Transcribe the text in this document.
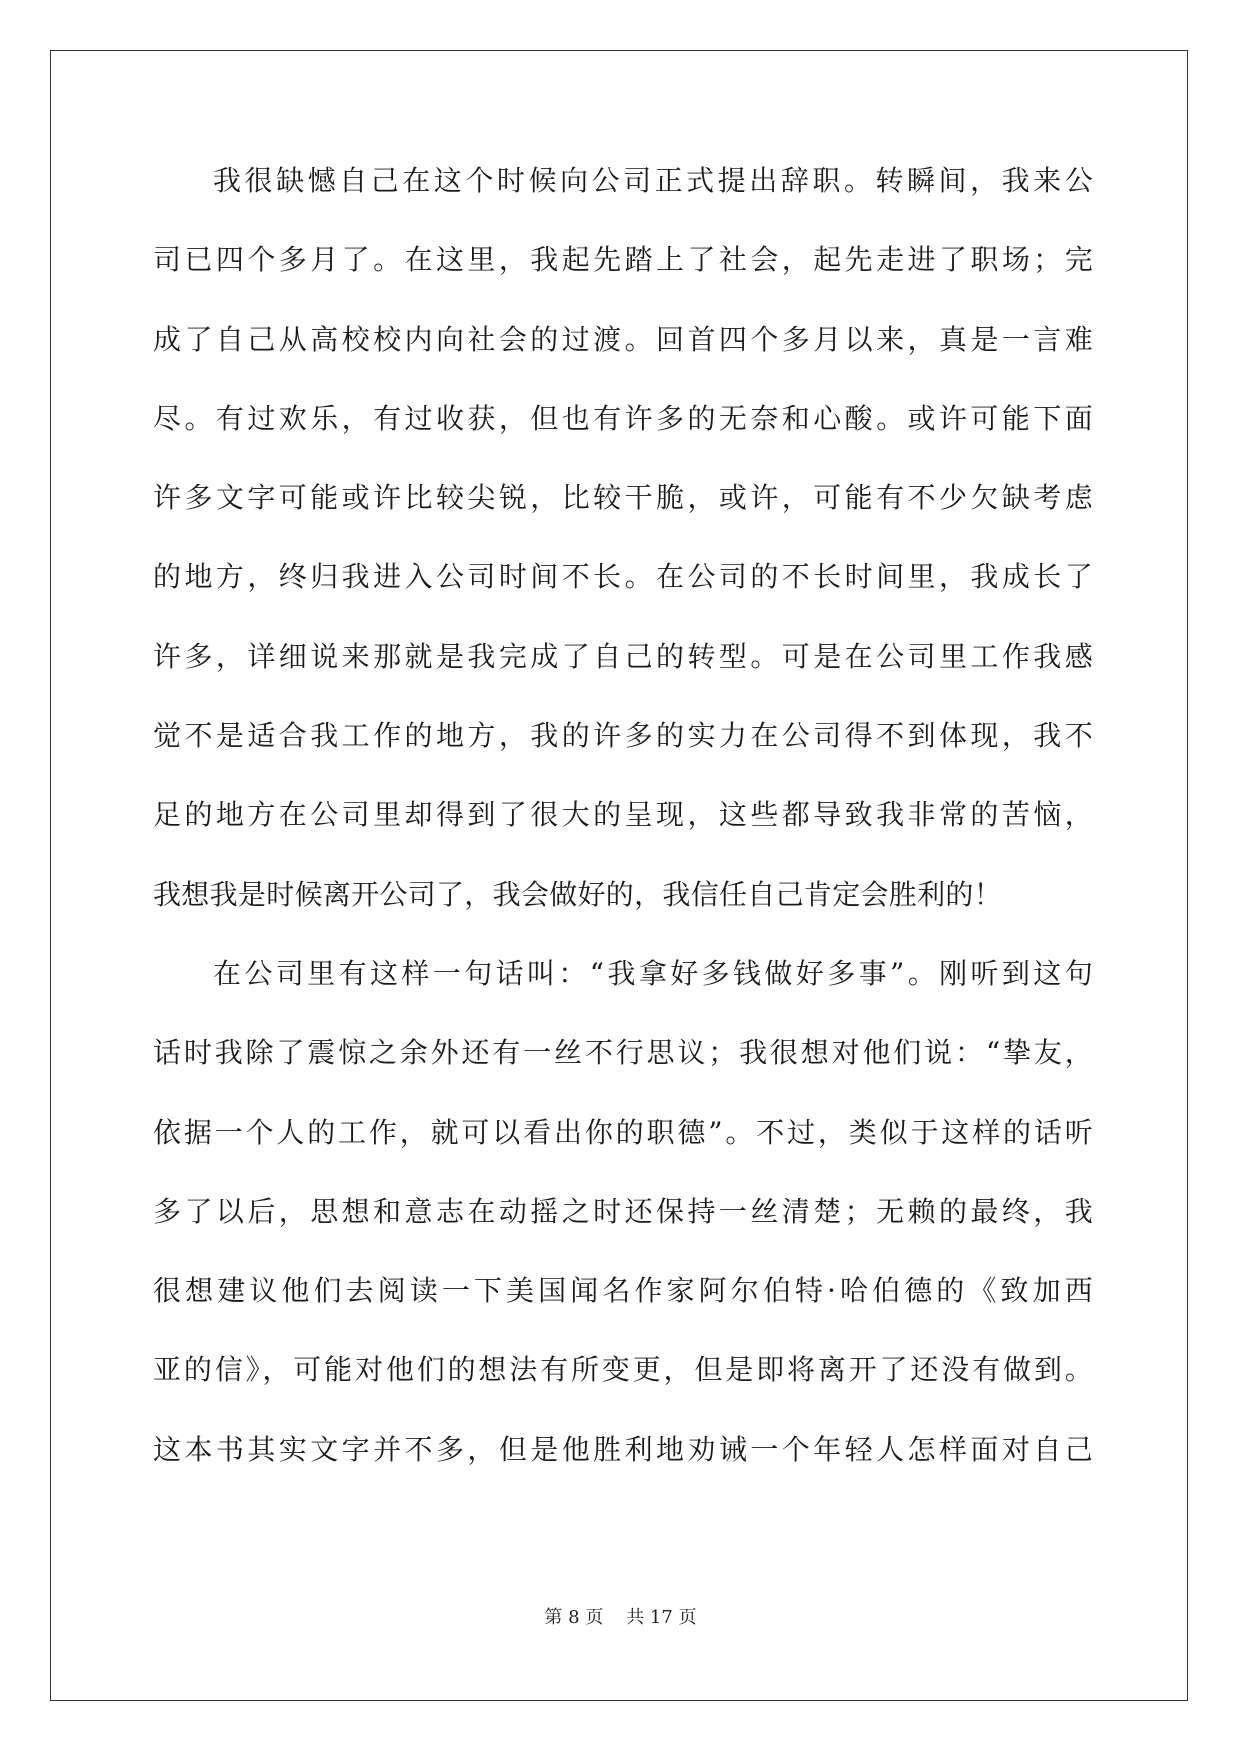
我很缺憾自己在这个时候向公司正式提出辞职。转瞬间，我来公
司已四个多月了。在这里，我起先踏上了社会，起先走进了职场；完
成了自己从高校校内向社会的过渡。回首四个多月以来，真是一言难
尽。有过欢乐，有过收获，但也有许多的无奈和心酸。或许可能下面
许多文字可能或许比较尖锐，比较干脆，或许，可能有不少欠缺考虑
的地方，终归我进入公司时间不长。在公司的不长时间里，我成长了
许多，详细说来那就是我完成了自己的转型。可是在公司里工作我感
觉不是适合我工作的地方，我的许多的实力在公司得不到体现，我不
足的地方在公司里却得到了很大的呈现，这些都导致我非常的苦恼，
我想我是时候离开公司了，我会做好的，我信任自己肯定会胜利的！
在公司里有这样一句话叫：“我拿好多钱做好多事”。刚听到这句
话时我除了震惊之余外还有一丝不行思议；我很想对他们说：“挚友，
依据一个人的工作，就可以看出你的职德”。不过，类似于这样的话听
多了以后，思想和意志在动摇之时还保持一丝清楚；无赖的最终，我
很想建议他们去阅读一下美国闻名作家阿尔伯特·哈伯德的《致加西
亚的信》，可能对他们的想法有所变更，但是即将离开了还没有做到。
这本书其实文字并不多，但是他胜利地劝诫一个年轻人怎样面对自己
第 8 页    共 17 页
